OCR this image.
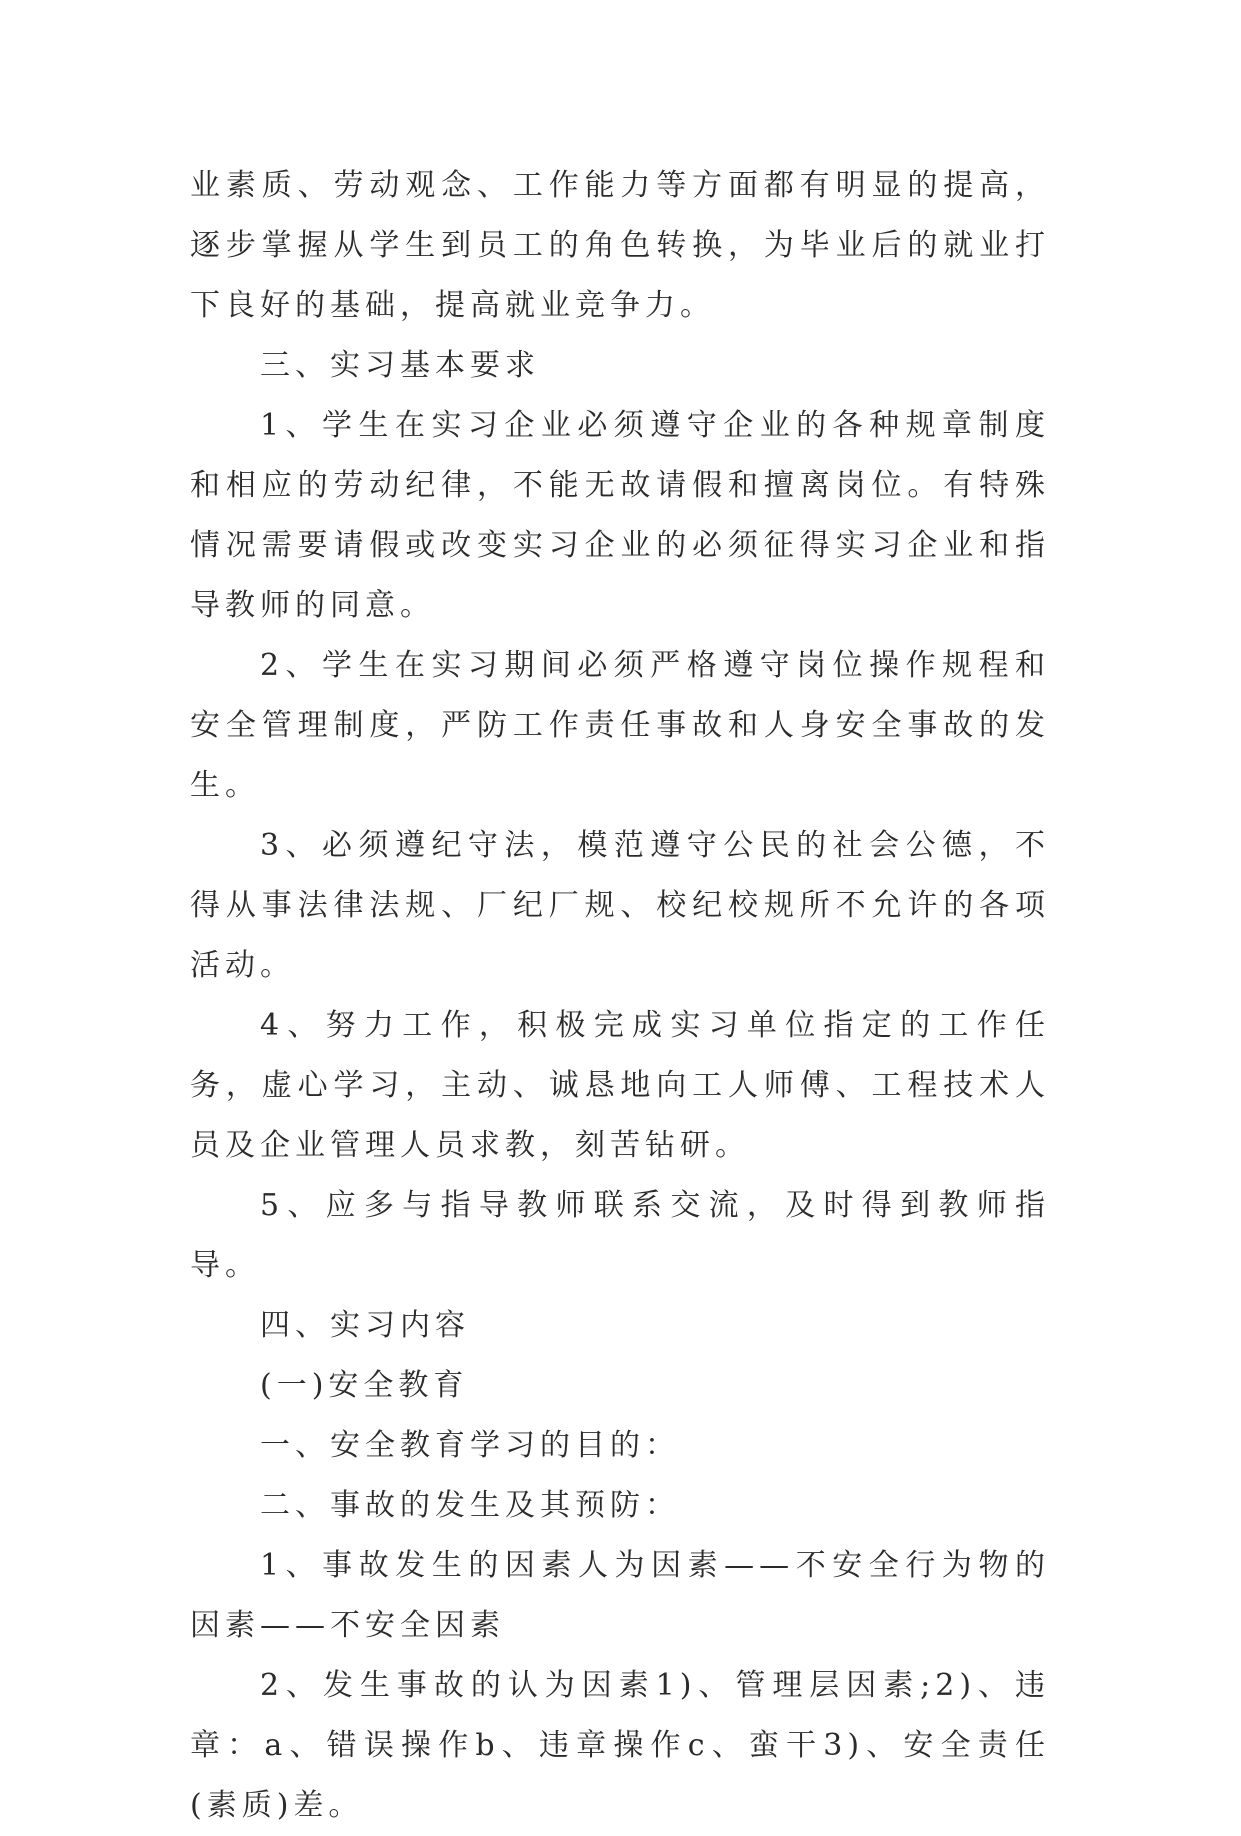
业素质、劳动观念、工作能力等方面都有明显的提高，逐步掌握从学生到员工的角色转换，为毕业后的就业打下良好的基础，提高就业竞争力。

三、实习基本要求

1、学生在实习企业必须遵守企业的各种规章制度和相应的劳动纪律，不能无故请假和擅离岗位。有特殊情况需要请假或改变实习企业的必须征得实习企业和指导教师的同意。

2、学生在实习期间必须严格遵守岗位操作规程和安全管理制度，严防工作责任事故和人身安全事故的发生。

3、必须遵纪守法，模范遵守公民的社会公德，不得从事法律法规、厂纪厂规、校纪校规所不允许的各项活动。

4、努力工作，积极完成实习单位指定的工作任务，虚心学习，主动、诚恳地向工人师傅、工程技术人员及企业管理人员求教，刻苦钻研。

5、应多与指导教师联系交流，及时得到教师指导。

四、实习内容

(一)安全教育

一、安全教育学习的目的：

二、事故的发生及其预防：

1、事故发生的因素人为因素——不安全行为物的因素——不安全因素

2、发生事故的认为因素1)、管理层因素;2)、违章：a、错误操作b、违章操作c、蛮干3)、安全责任(素质)差。
